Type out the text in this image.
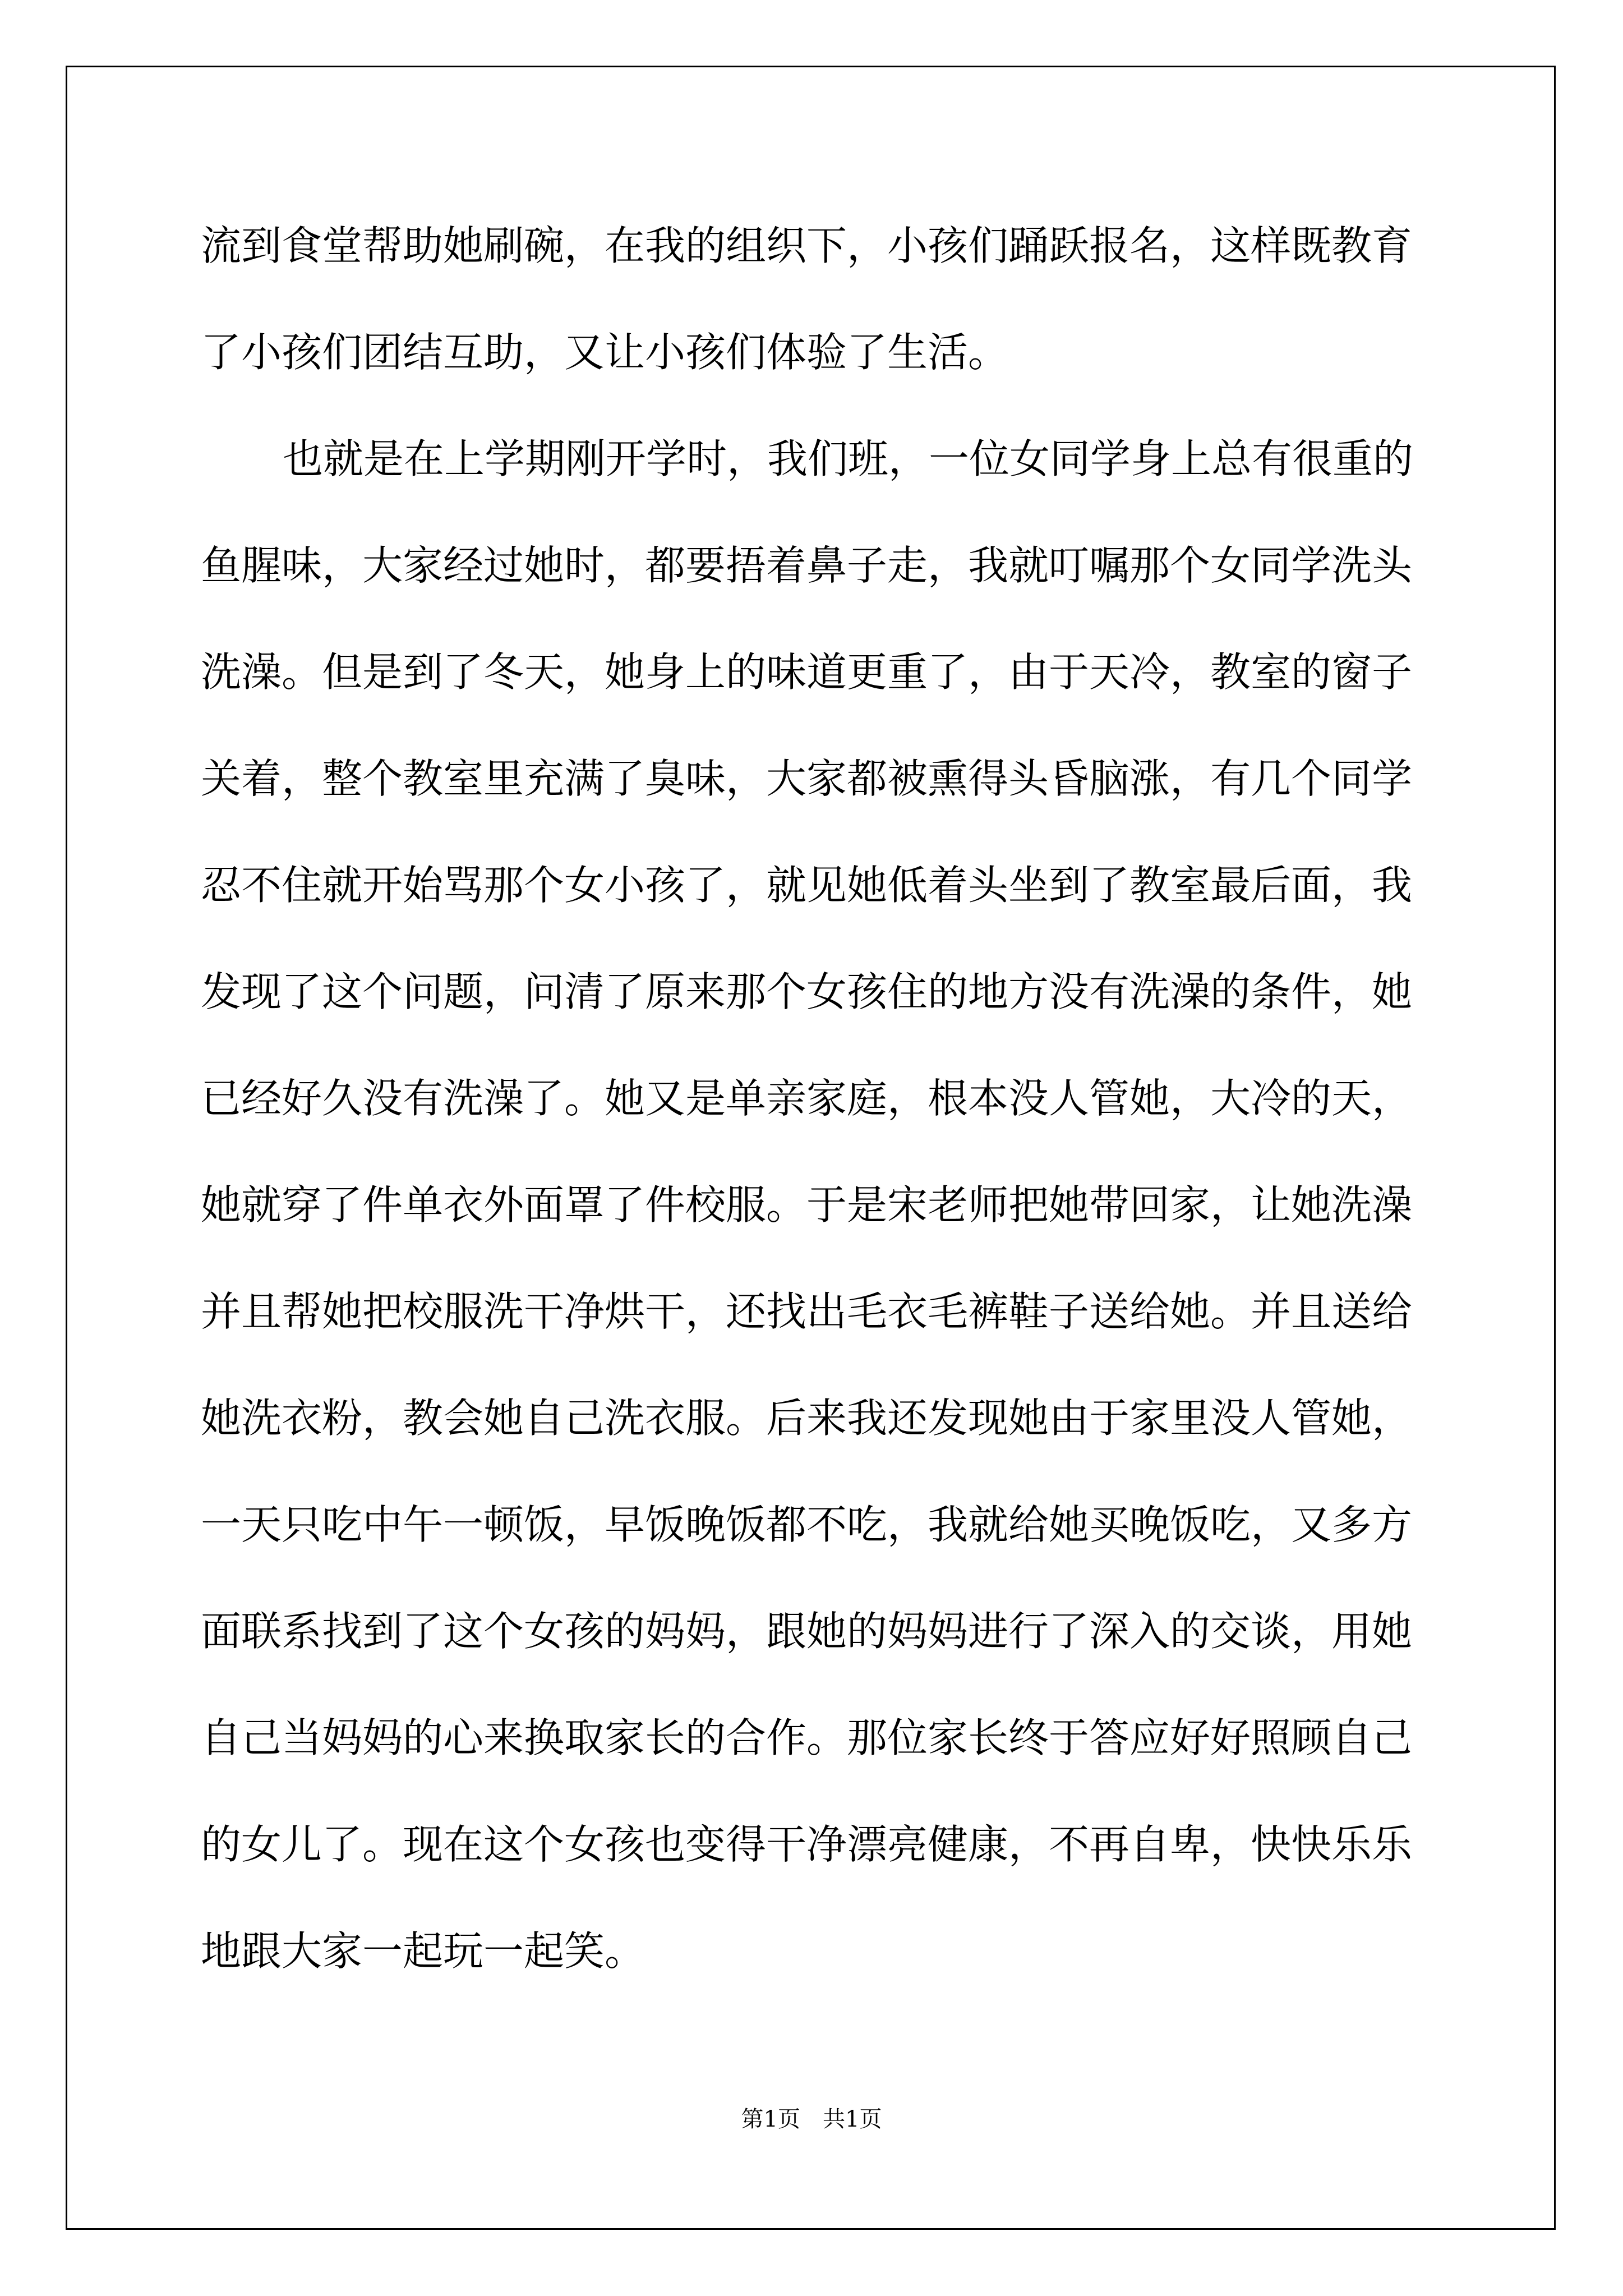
流到食堂帮助她刷碗，在我的组织下，小孩们踊跃报名，这样既教育
了小孩们团结互助，又让小孩们体验了生活。
也就是在上学期刚开学时，我们班，一位女同学身上总有很重的
鱼腥味，大家经过她时，都要捂着鼻子走，我就叮嘱那个女同学洗头
洗澡。但是到了冬天，她身上的味道更重了，由于天冷，教室的窗子
关着，整个教室里充满了臭味，大家都被熏得头昏脑涨，有几个同学
忍不住就开始骂那个女小孩了，就见她低着头坐到了教室最后面，我
发现了这个问题，问清了原来那个女孩住的地方没有洗澡的条件，她
已经好久没有洗澡了。她又是单亲家庭，根本没人管她，大冷的天，
她就穿了件单衣外面罩了件校服。于是宋老师把她带回家，让她洗澡
并且帮她把校服洗干净烘干，还找出毛衣毛裤鞋子送给她。并且送给
她洗衣粉，教会她自己洗衣服。后来我还发现她由于家里没人管她，
一天只吃中午一顿饭，早饭晚饭都不吃，我就给她买晚饭吃，又多方
面联系找到了这个女孩的妈妈，跟她的妈妈进行了深入的交谈，用她
自己当妈妈的心来换取家长的合作。那位家长终于答应好好照顾自己
的女儿了。现在这个女孩也变得干净漂亮健康，不再自卑，快快乐乐
地跟大家一起玩一起笑。
第1页　共1页
